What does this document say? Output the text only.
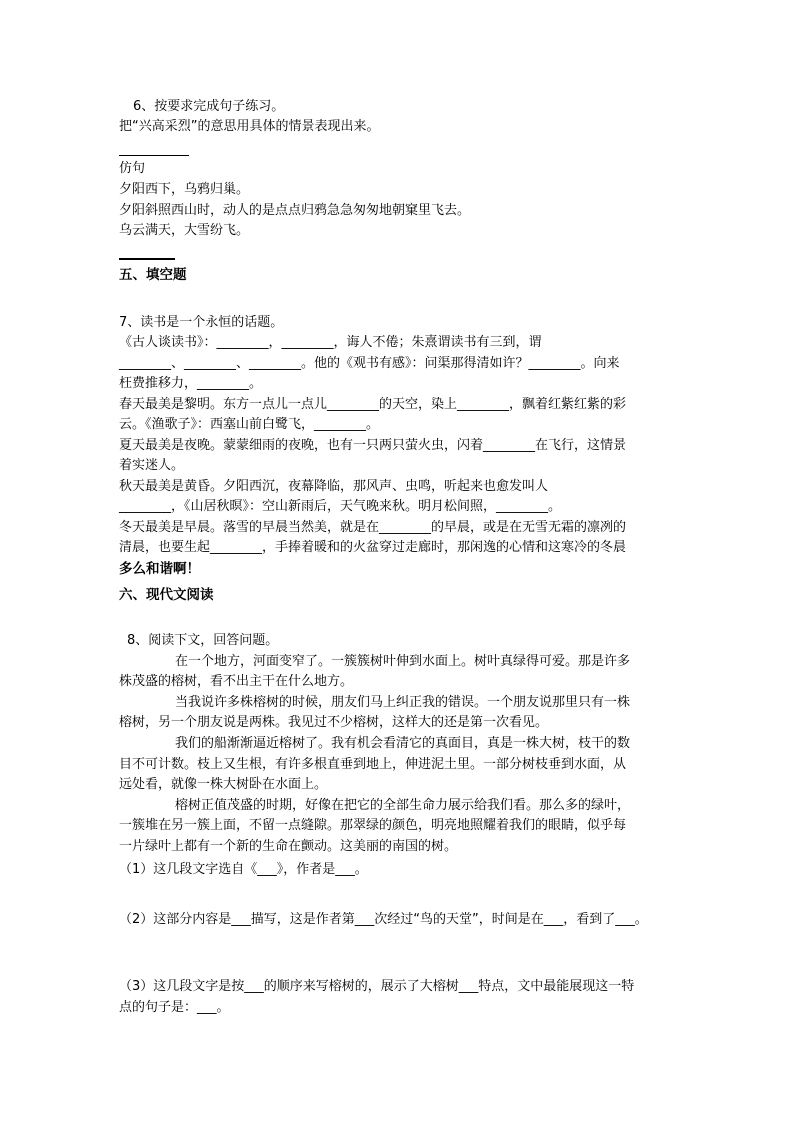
6、按要求完成句子练习。
把“兴高采烈”的意思用具体的情景表现出来。
仿句
夕阳西下，乌鸦归巢。
夕阳斜照西山时，动人的是点点归鸦急急匆匆地朝窠里飞去。
乌云满天，大雪纷飞。
五、填空题
7、读书是一个永恒的话题。
《古人谈读书》：________，________，诲人不倦；朱熹谓读书有三到，谓
________、________、________。他的《观书有感》：问渠那得清如许？________。向来
枉费推移力，________。
春天最美是黎明。东方一点儿一点儿________的天空，染上________，飘着红紫红紫的彩
云。《渔歌子》：西塞山前白鹭飞，________。
夏天最美是夜晚。蒙蒙细雨的夜晚，也有一只两只萤火虫，闪着________在飞行，这情景
着实迷人。
秋天最美是黄昏。夕阳西沉，夜幕降临，那风声、虫鸣，听起来也愈发叫人
________，《山居秋暝》：空山新雨后，天气晚来秋。明月松间照，________。
冬天最美是早晨。落雪的早晨当然美，就是在________的早晨，或是在无雪无霜的凛冽的
清晨，也要生起________，手捧着暖和的火盆穿过走廊时，那闲逸的心情和这寒冷的冬晨
多么和谐啊！
六、现代文阅读
8、阅读下文，回答问题。
在一个地方，河面变窄了。一簇簇树叶伸到水面上。树叶真绿得可爱。那是许多
株茂盛的榕树，看不出主干在什么地方。
当我说许多株榕树的时候，朋友们马上纠正我的错误。一个朋友说那里只有一株
榕树，另一个朋友说是两株。我见过不少榕树，这样大的还是第一次看见。
我们的船渐渐逼近榕树了。我有机会看清它的真面目，真是一株大树，枝干的数
目不可计数。枝上又生根，有许多根直垂到地上，伸进泥土里。一部分树枝垂到水面，从
远处看，就像一株大树卧在水面上。
榕树正值茂盛的时期，好像在把它的全部生命力展示给我们看。那么多的绿叶，
一簇堆在另一簇上面，不留一点缝隙。那翠绿的颜色，明亮地照耀着我们的眼睛，似乎每
一片绿叶上都有一个新的生命在颤动。这美丽的南国的树。
（1）这几段文字选自《___》，作者是___。
（2）这部分内容是___描写，这是作者第___次经过“鸟的天堂”，时间是在___，看到了___。
（3）这几段文字是按___的顺序来写榕树的，展示了大榕树___特点，文中最能展现这一特
点的句子是：___。
